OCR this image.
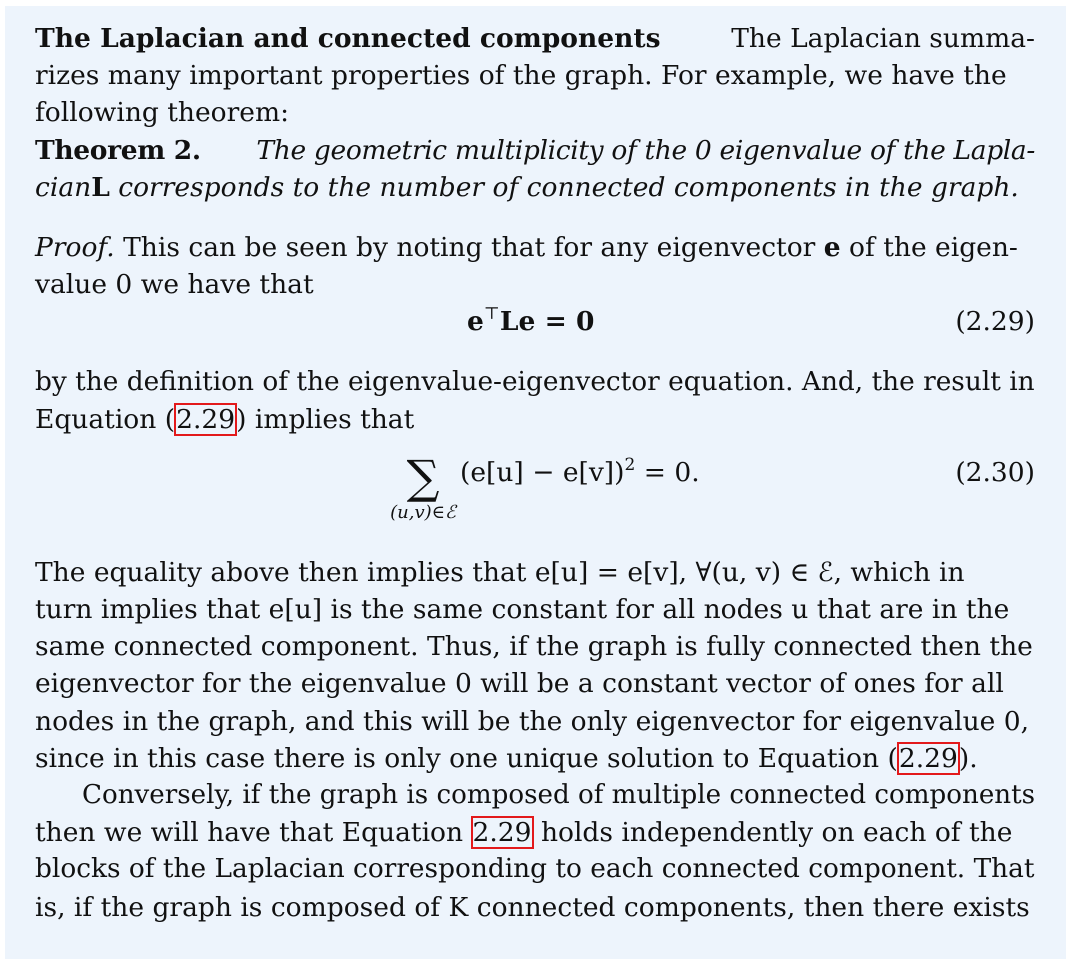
The Laplacian and connected components	The Laplacian summa-
rizes many important properties of the graph. For example, we have the
following theorem:
Theorem 2. The geometric multiplicity of the 0 eigenvalue of the Lapla-
cian L corresponds to the number of connected components in the graph.
Proof. This can be seen by noting that for any eigenvector e of the eigen-
value 0 we have that
e⊤Le = 0	(2.29)
by the definition of the eigenvalue-eigenvector equation. And, the result in
Equation (2.29) implies that
∑
(u,v)∈ℰ
$(e[u] - e[v])^2 = 0$.	(2.30)
The equality above then implies that e[u] = e[v], ∀(u, v) ∈ ℰ, which in
turn implies that e[u] is the same constant for all nodes u that are in the
same connected component. Thus, if the graph is fully connected then the
eigenvector for the eigenvalue 0 will be a constant vector of ones for all
nodes in the graph, and this will be the only eigenvector for eigenvalue 0,
since in this case there is only one unique solution to Equation (2.29).
Conversely, if the graph is composed of multiple connected components
then we will have that Equation 2.29 holds independently on each of the
blocks of the Laplacian corresponding to each connected component. That
is, if the graph is composed of K connected components, then there exists
